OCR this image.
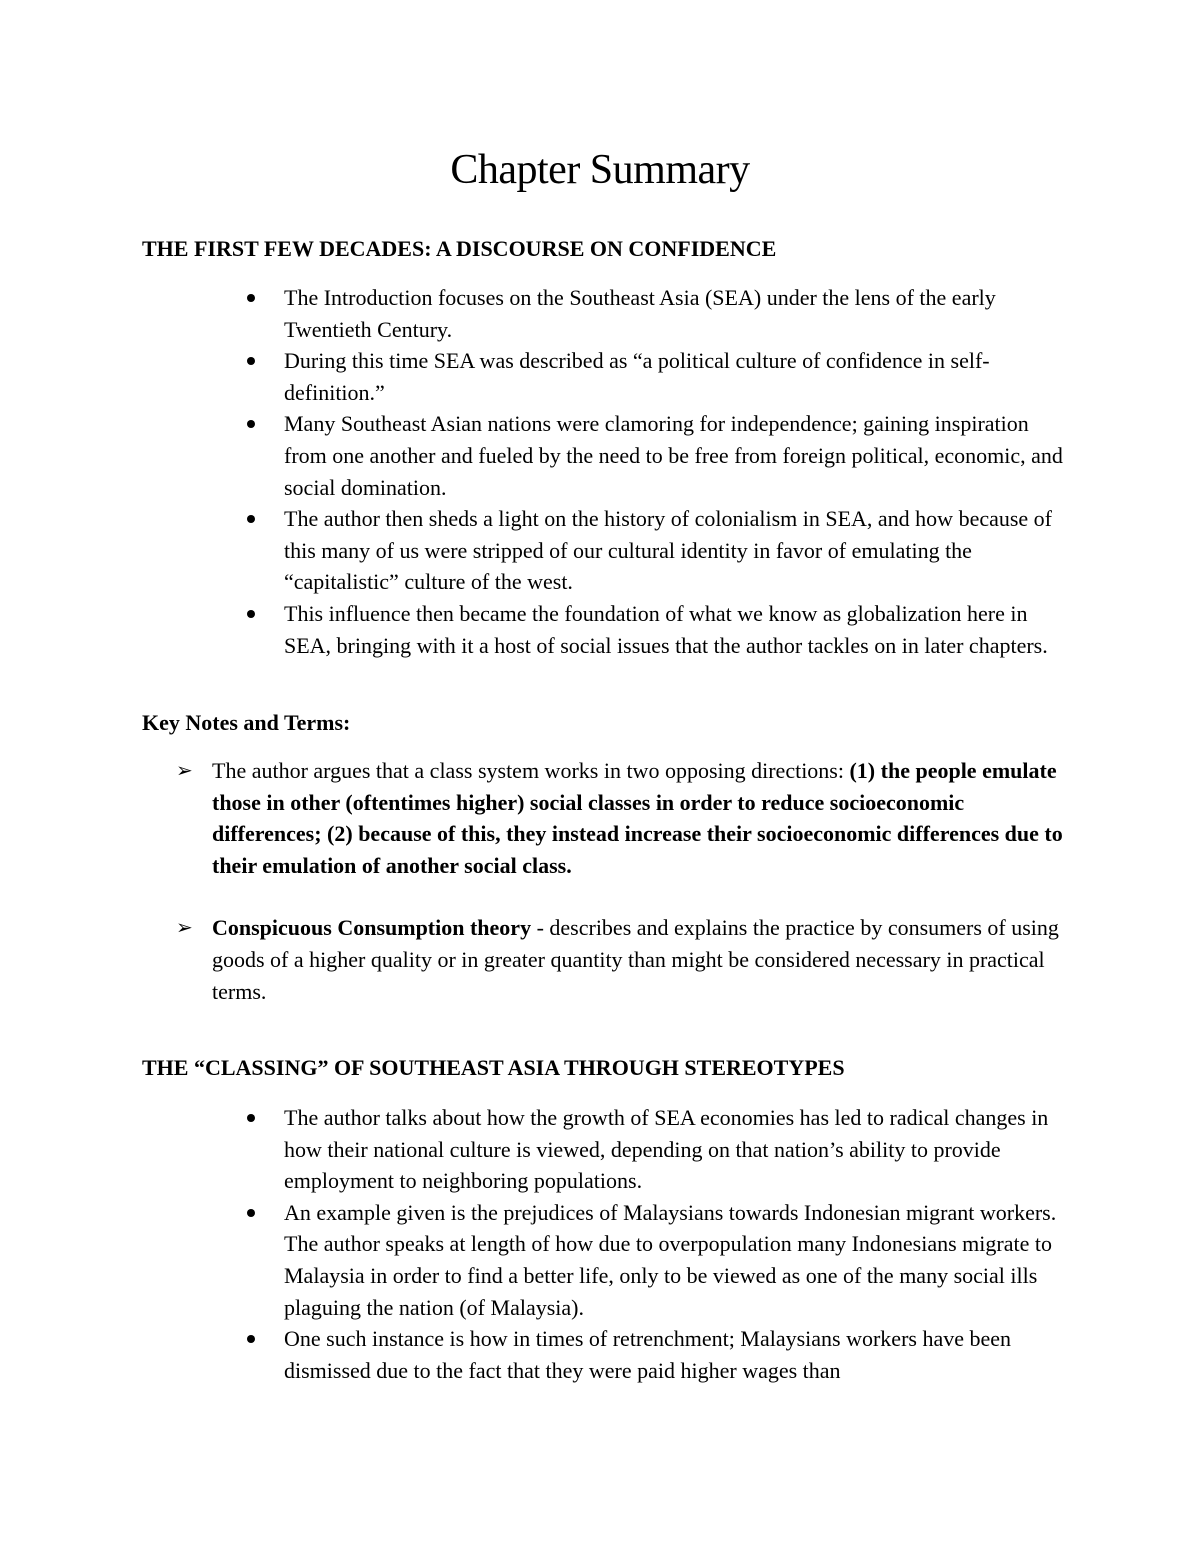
Chapter Summary
THE FIRST FEW DECADES: A DISCOURSE ON CONFIDENCE
The Introduction focuses on the Southeast Asia (SEA) under the lens of the early Twentieth Century.
During this time SEA was described as “a political culture of confidence in self-definition.”
Many Southeast Asian nations were clamoring for independence; gaining inspiration from one another and fueled by the need to be free from foreign political, economic, and social domination.
The author then sheds a light on the history of colonialism in SEA, and how because of this many of us were stripped of our cultural identity in favor of emulating the “capitalistic” culture of the west.
This influence then became the foundation of what we know as globalization here in SEA, bringing with it a host of social issues that the author tackles on in later chapters.
Key Notes and Terms:
➢ The author argues that a class system works in two opposing directions: (1) the people emulate those in other (oftentimes higher) social classes in order to reduce socioeconomic differences; (2) because of this, they instead increase their socioeconomic differences due to their emulation of another social class.
➢ Conspicuous Consumption theory - describes and explains the practice by consumers of using goods of a higher quality or in greater quantity than might be considered necessary in practical terms.
THE “CLASSING” OF SOUTHEAST ASIA THROUGH STEREOTYPES
The author talks about how the growth of SEA economies has led to radical changes in how their national culture is viewed, depending on that nation’s ability to provide employment to neighboring populations.
An example given is the prejudices of Malaysians towards Indonesian migrant workers. The author speaks at length of how due to overpopulation many Indonesians migrate to Malaysia in order to find a better life, only to be viewed as one of the many social ills plaguing the nation (of Malaysia).
One such instance is how in times of retrenchment; Malaysians workers have been dismissed due to the fact that they were paid higher wages than
